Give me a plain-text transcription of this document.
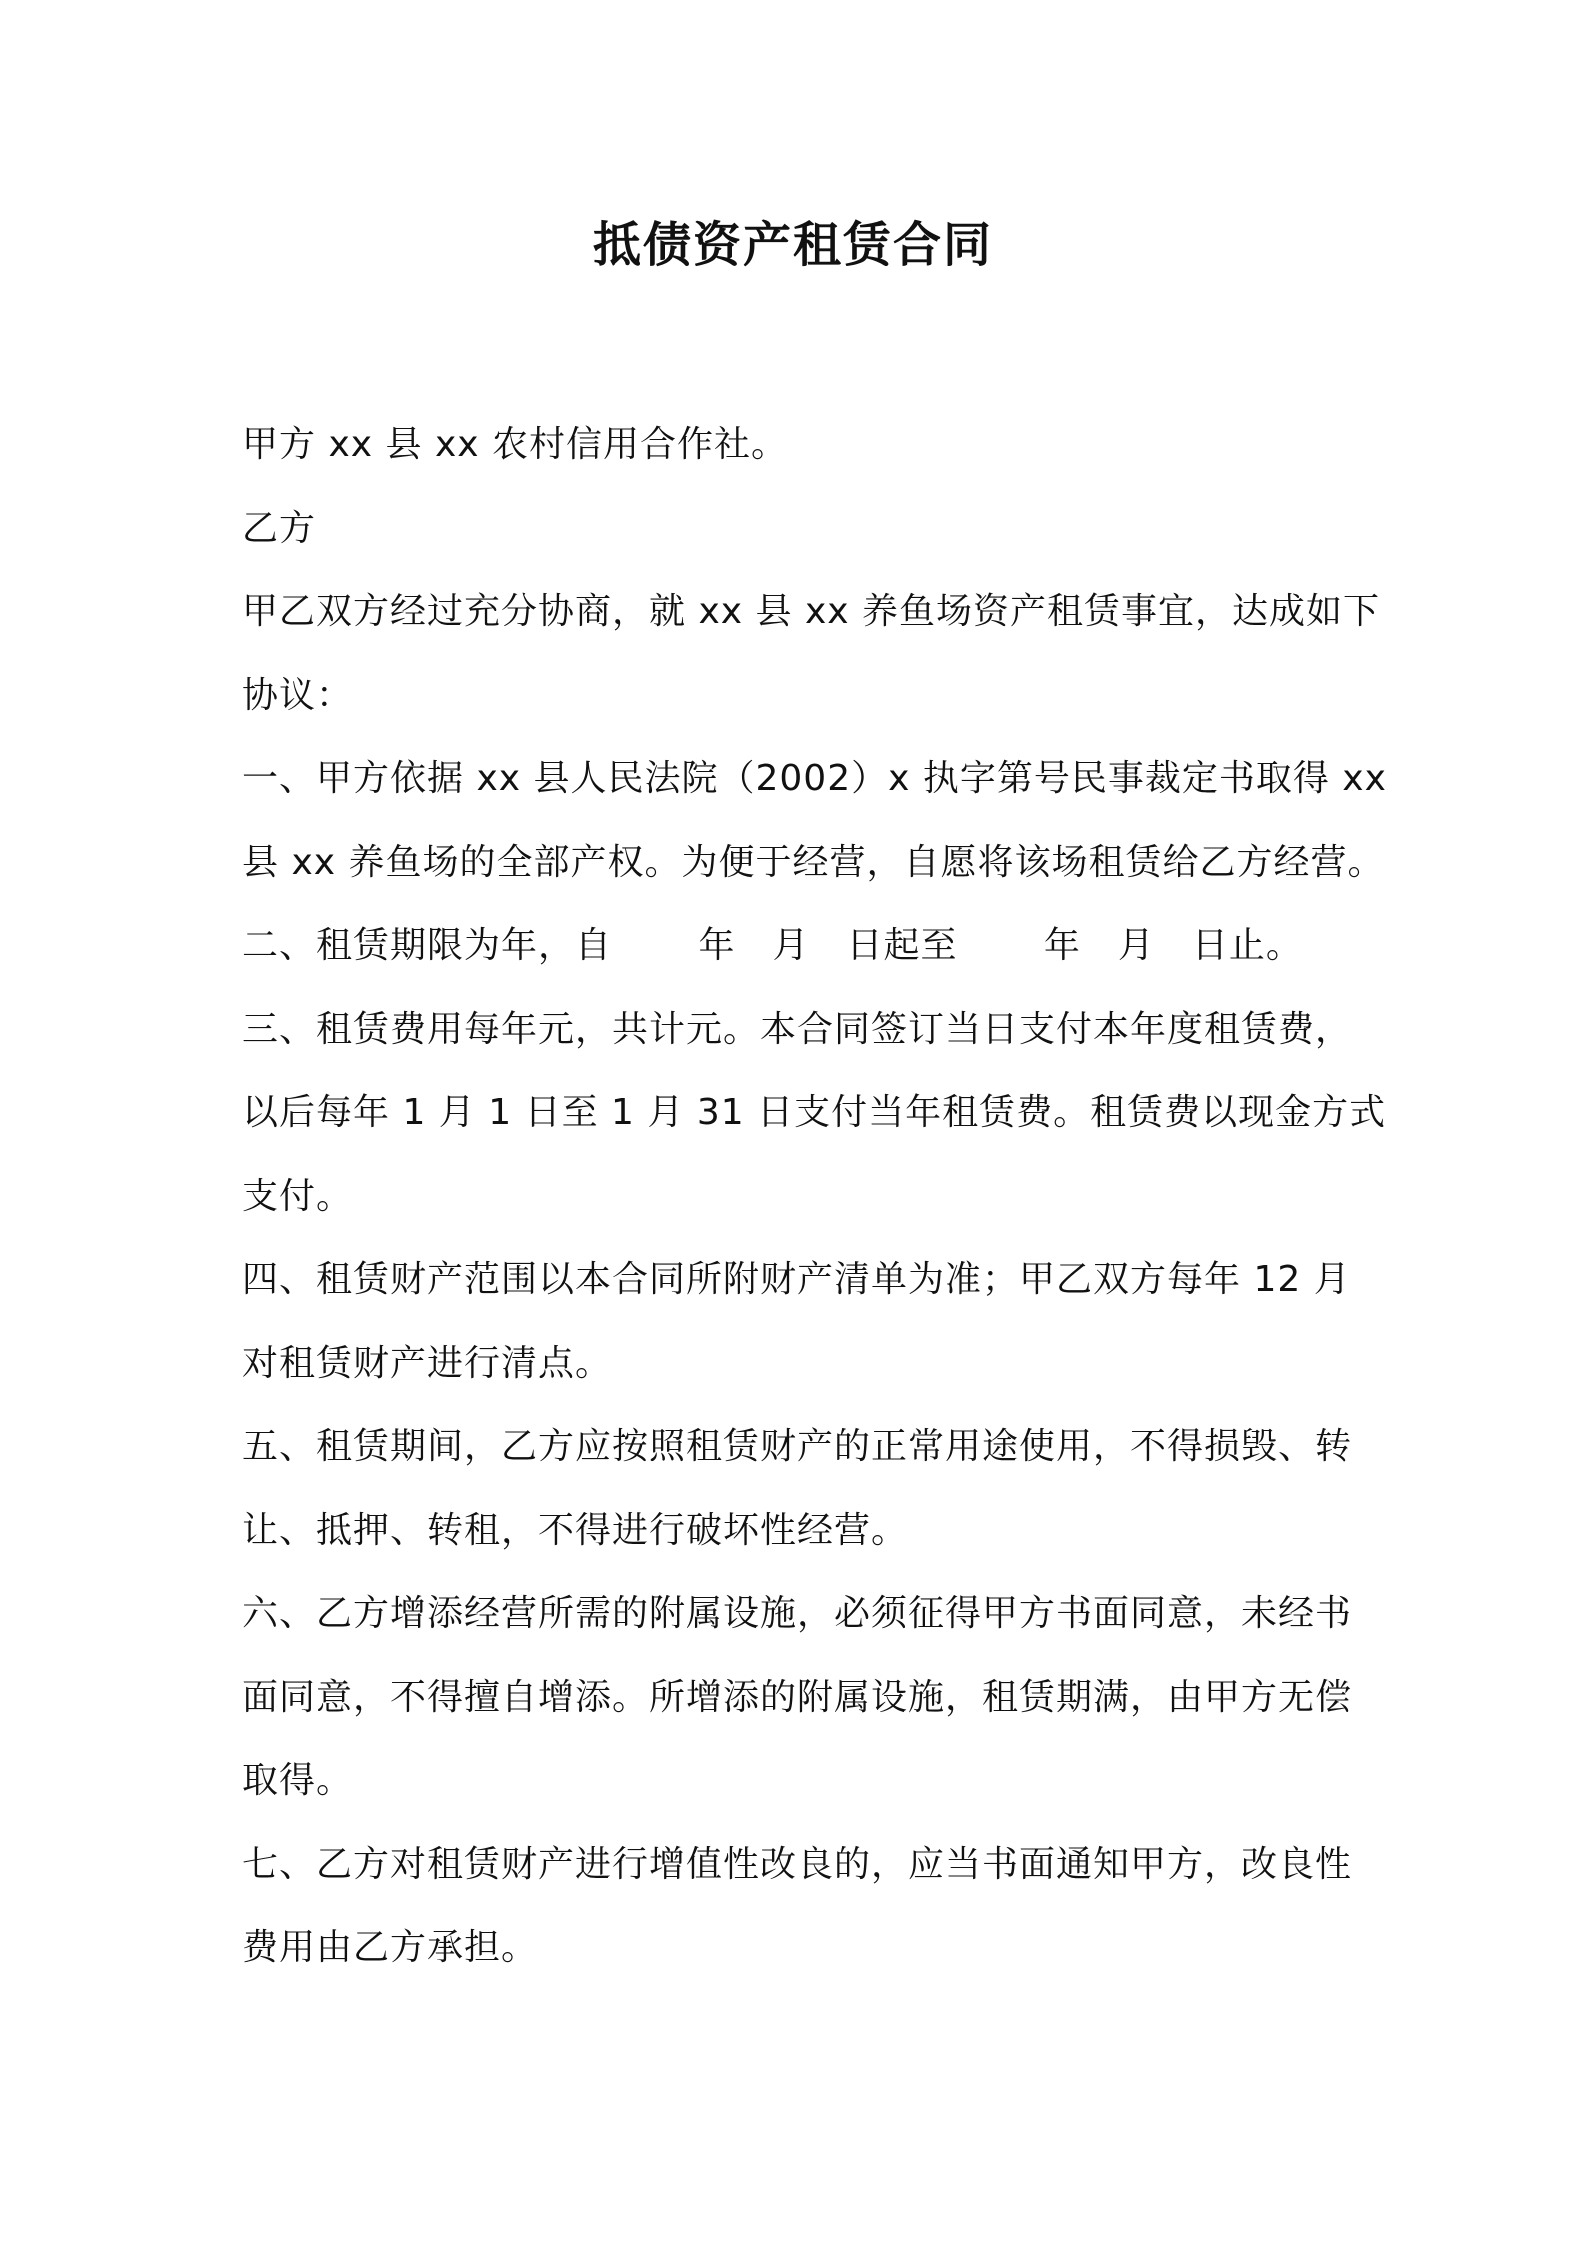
抵债资产租赁合同
甲方 xx 县 xx 农村信用合作社。
乙方
甲乙双方经过充分协商，就 xx 县 xx 养鱼场资产租赁事宜，达成如下
协议：
一、甲方依据 xx 县人民法院（2002）x 执字第号民事裁定书取得 xx
县 xx 养鱼场的全部产权。为便于经营，自愿将该场租赁给乙方经营。
二、租赁期限为年，自　　 年　月　日起至　　 年　月　日止。
三、租赁费用每年元，共计元。本合同签订当日支付本年度租赁费，
以后每年 1 月 1 日至 1 月 31 日支付当年租赁费。租赁费以现金方式
支付。
四、租赁财产范围以本合同所附财产清单为准；甲乙双方每年 12 月
对租赁财产进行清点。
五、租赁期间，乙方应按照租赁财产的正常用途使用，不得损毁、转
让、抵押、转租，不得进行破坏性经营。
六、乙方增添经营所需的附属设施，必须征得甲方书面同意，未经书
面同意，不得擅自增添。所增添的附属设施，租赁期满，由甲方无偿
取得。
七、乙方对租赁财产进行增值性改良的，应当书面通知甲方，改良性
费用由乙方承担。
